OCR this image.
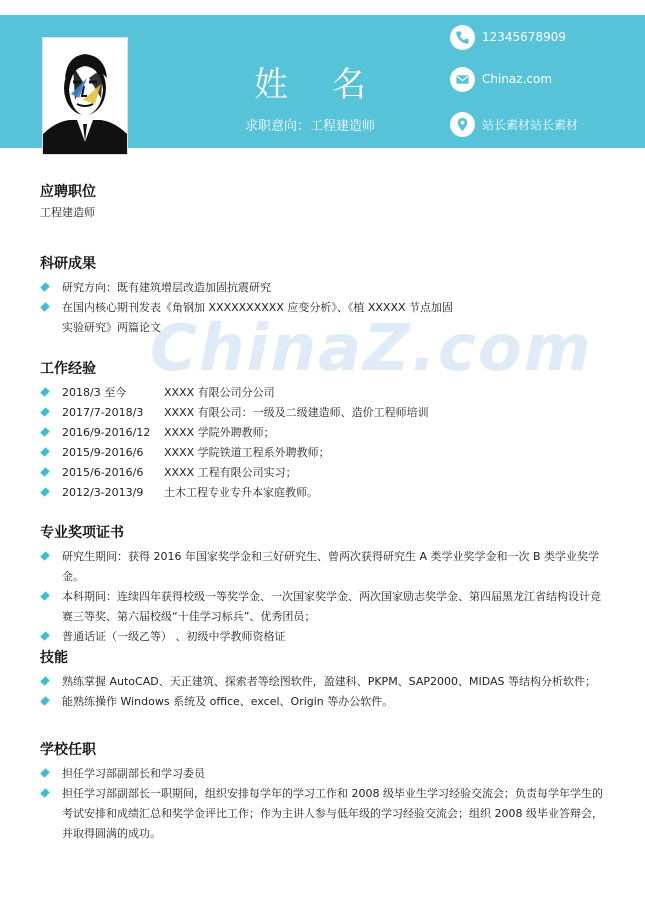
ChinaZ.com
姓名
求职意向：工程建造师
12345678909
Chinaz.com
站长素材站长素材
应聘职位
工程建造师
科研成果
研究方向：既有建筑增层改造加固抗震研究
在国内核心期刊发表《角钢加 XXXXXXXXXX 应变分析》、《植 XXXXX 节点加固
实验研究》两篇论文
工作经验
2018/3 至今	XXXX 有限公司分公司
2017/7-2018/3 XXXX 有限公司：一级及二级建造师、造价工程师培训
2016/9-2016/12 XXXX 学院外聘教师；
2015/9-2016/6 XXXX 学院铁道工程系外聘教师；
2015/6-2016/6 XXXX 工程有限公司实习；
2012/3-2013/9 土木工程专业专升本家庭教师。
专业奖项证书
研究生期间：获得 2016 年国家奖学金和三好研究生、曾两次获得研究生 A 类学业奖学金和一次 B 类学业奖学金。
本科期间：连续四年获得校级一等奖学金、一次国家奖学金、两次国家励志奖学金、第四届黑龙江省结构设计竞赛三等奖、第六届校级“十佳学习标兵”、优秀团员；
普通话证（一级乙等） 、初级中学教师资格证
技能
熟练掌握 AutoCAD、天正建筑、探索者等绘图软件，盈建科、PKPM、SAP2000、MIDAS 等结构分析软件；
能熟练操作 Windows 系统及 office、excel、Origin 等办公软件。
学校任职
担任学习部副部长和学习委员
担任学习部副部长一职期间，组织安排每学年的学习工作和 2008 级毕业生学习经验交流会；负责每学年学生的考试安排和成绩汇总和奖学金评比工作；作为主讲人参与低年级的学习经验交流会；组织 2008 级毕业答辩会，并取得圆满的成功。
